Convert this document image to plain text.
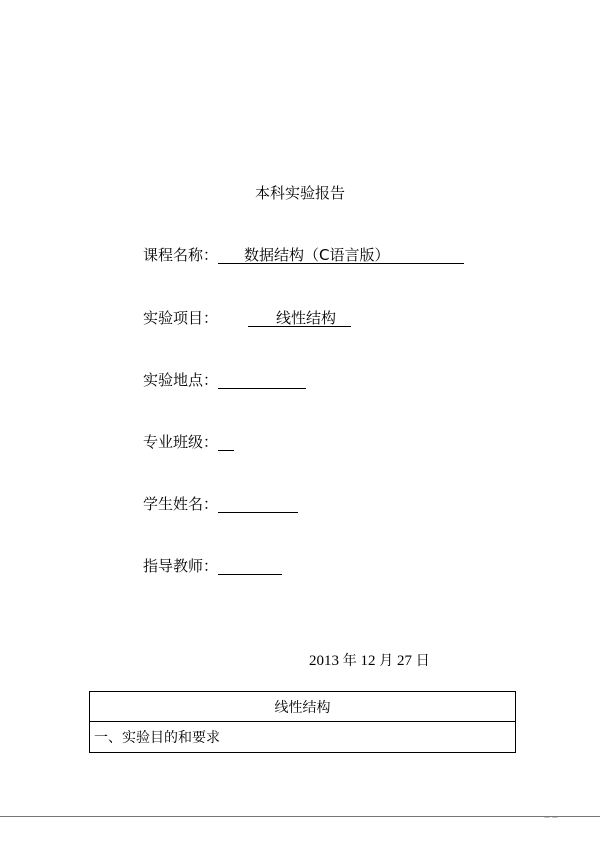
本科实验报告
课程名称： 数据结构（C语言版）
实验项目：	线性结构
实验地点：
专业班级：
学生姓名：
指导教师：
2013 年 12 月 27 日
线性结构
一、实验目的和要求
— —
